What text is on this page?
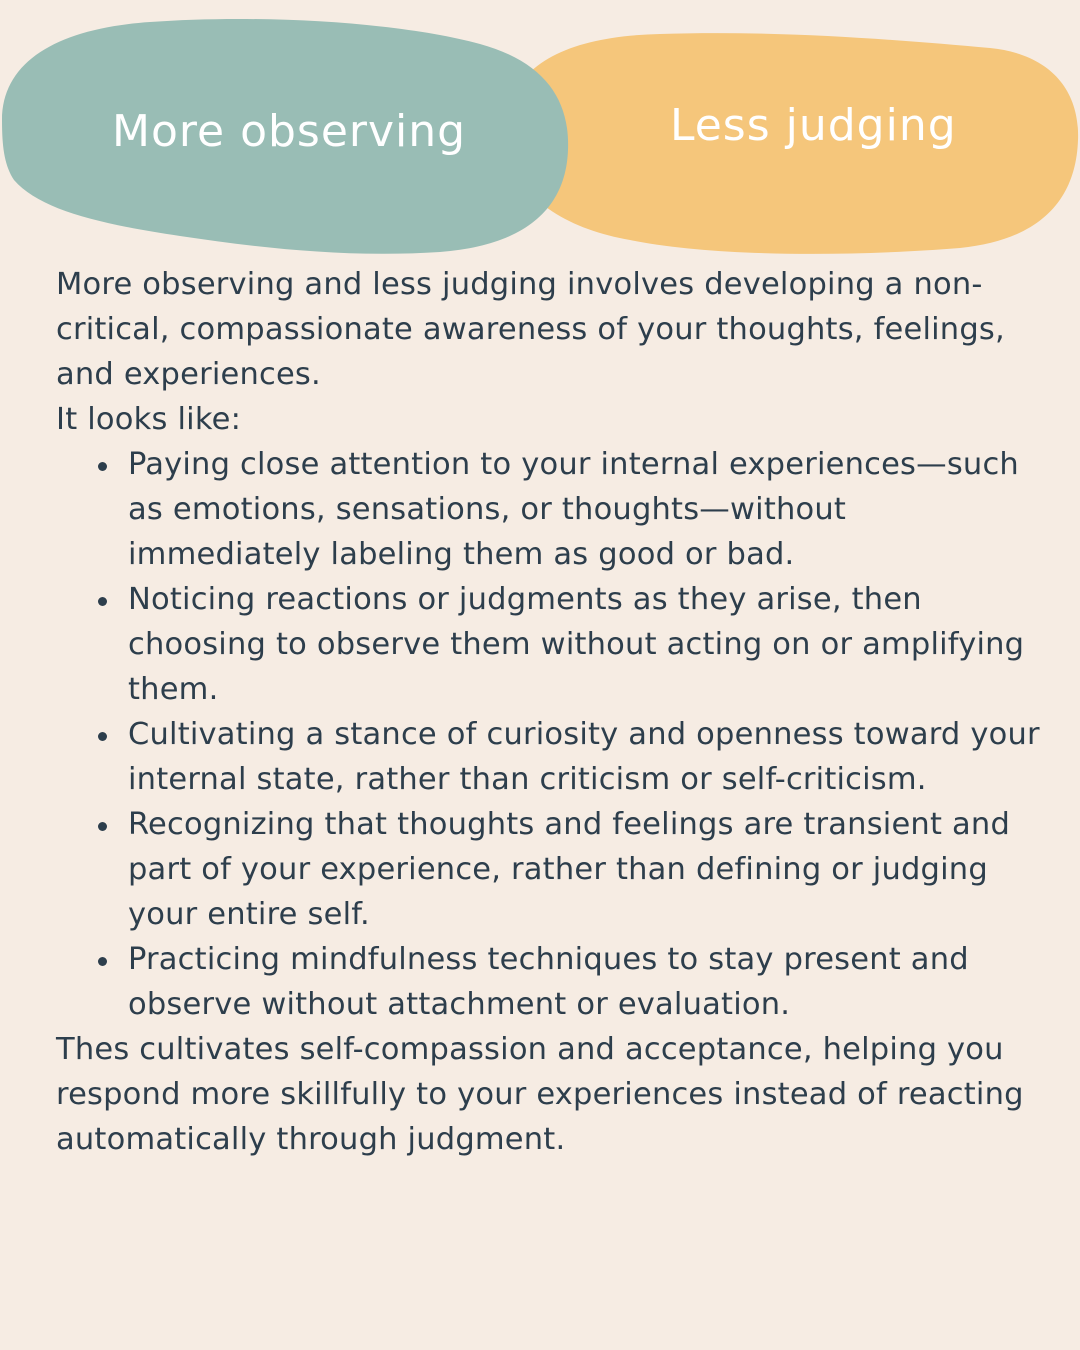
More observing	Less judging

More observing and less judging involves developing a non-critical, compassionate awareness of your thoughts, feelings, and experiences.

It looks like:

Paying close attention to your internal experiences—such as emotions, sensations, or thoughts—without immediately labeling them as good or bad.
Noticing reactions or judgments as they arise, then choosing to observe them without acting on or amplifying them.
Cultivating a stance of curiosity and openness toward your internal state, rather than criticism or self-criticism.
Recognizing that thoughts and feelings are transient and part of your experience, rather than defining or judging your entire self.
Practicing mindfulness techniques to stay present and observe without attachment or evaluation.

Thes cultivates self-compassion and acceptance, helping you respond more skillfully to your experiences instead of reacting automatically through judgment.
